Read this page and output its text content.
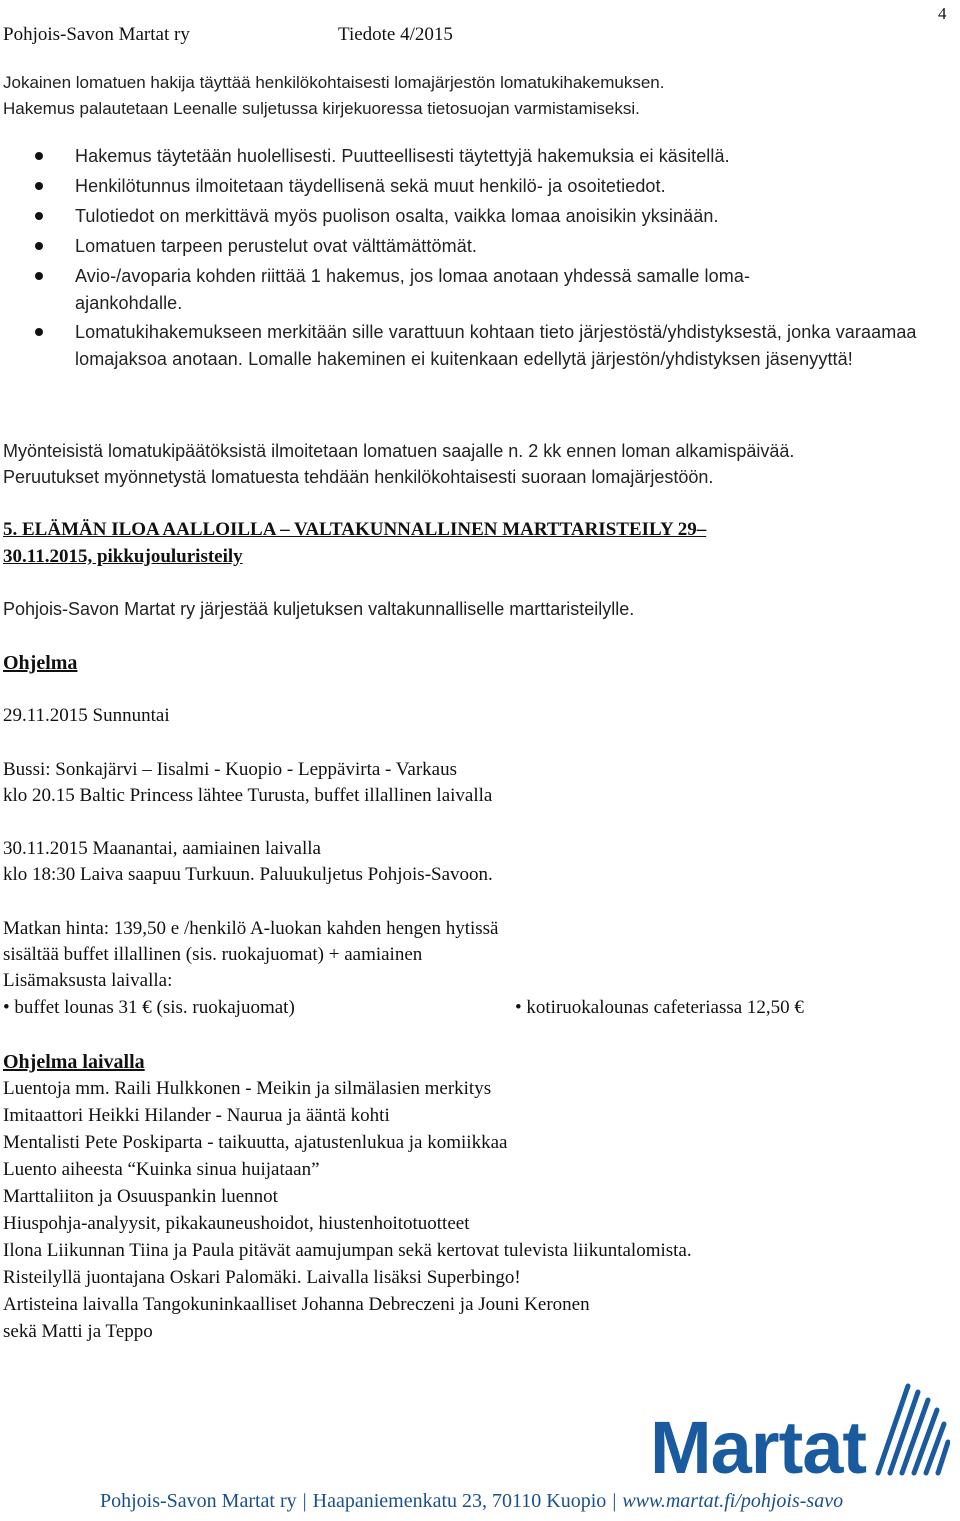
Pohjois-Savon Martat ry	Tiedote 4/2015
4
Jokainen lomatuen hakija täyttää henkilökohtaisesti lomajärjestön lomatukihakemuksen.
Hakemus palautetaan Leenalle suljetussa kirjekuoressa tietosuojan varmistamiseksi.
Hakemus täytetään huolellisesti. Puutteellisesti täytettyjä hakemuksia ei käsitellä.
Henkilötunnus ilmoitetaan täydellisenä sekä muut henkilö- ja osoitetiedot.
Tulotiedot on merkittävä myös puolison osalta, vaikka lomaa anoisikin yksinään.
Lomatuen tarpeen perustelut ovat välttämättömät.
Avio-/avoparia kohden riittää 1 hakemus, jos lomaa anotaan yhdessä samalle loma-ajankohdalle.
Lomatukihakemukseen merkitään sille varattuun kohtaan tieto järjestöstä/yhdistyksestä, jonka varaamaa lomajaksoa anotaan. Lomalle hakeminen ei kuitenkaan edellytä järjestön/yhdistyksen jäsenyyttä!
Myönteisistä lomatukipäätöksistä ilmoitetaan lomatuen saajalle n. 2 kk ennen loman alkamispäivää.
Peruutukset myönnetystä lomatuesta tehdään henkilökohtaisesti suoraan lomajärjestöön.
5. ELÄMÄN ILOA AALLOILLA – VALTAKUNNALLINEN MARTTARISTEILY 29–
30.11.2015, pikkujouluristeily
Pohjois-Savon Martat ry järjestää kuljetuksen valtakunnalliselle marttaristeilylle.
Ohjelma
29.11.2015 Sunnuntai
Bussi: Sonkajärvi – Iisalmi - Kuopio - Leppävirta - Varkaus
klo 20.15 Baltic Princess lähtee Turusta, buffet illallinen laivalla
30.11.2015 Maanantai, aamiainen laivalla
klo 18:30 Laiva saapuu Turkuun. Paluukuljetus Pohjois-Savoon.
Matkan hinta: 139,50 e /henkilö A-luokan kahden hengen hytissä
sisältää buffet illallinen (sis. ruokajuomat) + aamiainen
Lisämaksusta laivalla:
• buffet lounas 31 € (sis. ruokajuomat)	• kotiruokalounas cafeteriassa 12,50 €
Ohjelma laivalla
Luentoja mm. Raili Hulkkonen - Meikin ja silmälasien merkitys
Imitaattori Heikki Hilander - Naurua ja ääntä kohti
Mentalisti Pete Poskiparta - taikuutta, ajatustenlukua ja komiikkaa
Luento aiheesta “Kuinka sinua huijataan”
Marttaliiton ja Osuuspankin luennot
Hiuspohja-analyysit, pikakauneushoidot, hiustenhoitotuotteet
Ilona Liikunnan Tiina ja Paula pitävät aamujumpan sekä kertovat tulevista liikuntalomista.
Risteilyllä juontajana Oskari Palomäki. Laivalla lisäksi Superbingo!
Artisteina laivalla Tangokuninkaalliset Johanna Debreczeni ja Jouni Keronen
sekä Matti ja Teppo
Martat
Pohjois-Savon Martat ry | Haapaniemenkatu 23, 70110 Kuopio | www.martat.fi/pohjois-savo
